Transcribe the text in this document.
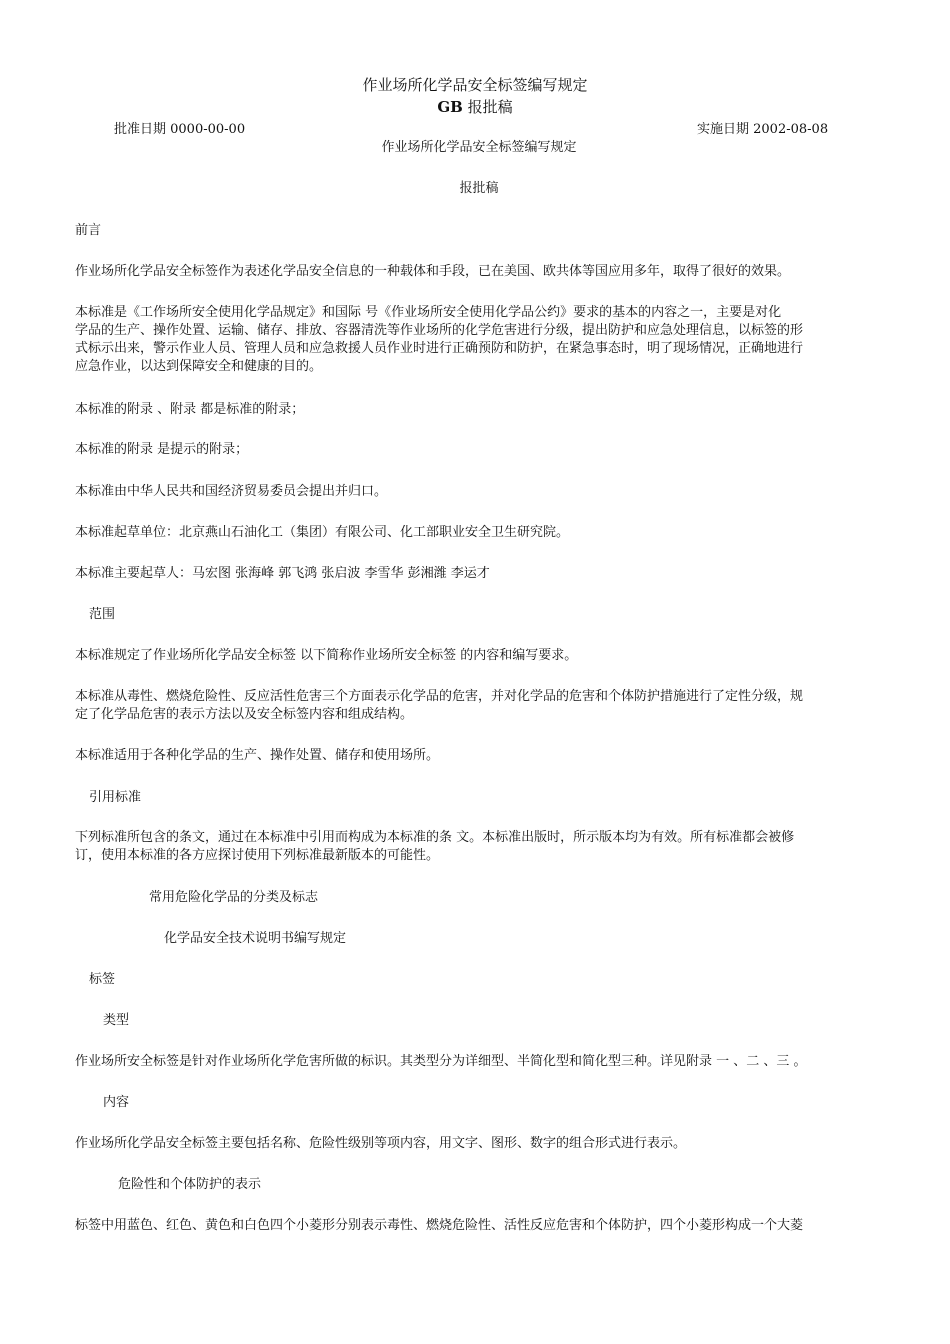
作业场所化学品安全标签编写规定
GB 报批稿
批准日期 0000-00-00	实施日期 2002-08-08
作业场所化学品安全标签编写规定
报批稿
前言
作业场所化学品安全标签作为表述化学品安全信息的一种载体和手段，已在美国、欧共体等国应用多年，取得了很好的效果。
本标准是《工作场所安全使用化学品规定》和国际 号《作业场所安全使用化学品公约》要求的基本的内容之一，主要是对化
学品的生产、操作处置、运输、储存、排放、容器清洗等作业场所的化学危害进行分级，提出防护和应急处理信息，以标签的形
式标示出来，警示作业人员、管理人员和应急救援人员作业时进行正确预防和防护，在紧急事态时，明了现场情况，正确地进行
应急作业，以达到保障安全和健康的目的。
本标准的附录 、附录 都是标准的附录；
本标准的附录 是提示的附录；
本标准由中华人民共和国经济贸易委员会提出并归口。
本标准起草单位：北京燕山石油化工（集团）有限公司、化工部职业安全卫生研究院。
本标准主要起草人：马宏图 张海峰 郭飞鸿 张启波 李雪华 彭湘潍 李运才
范围
本标准规定了作业场所化学品安全标签 以下简称作业场所安全标签 的内容和编写要求。
本标准从毒性、燃烧危险性、反应活性危害三个方面表示化学品的危害，并对化学品的危害和个体防护措施进行了定性分级，规
定了化学品危害的表示方法以及安全标签内容和组成结构。
本标准适用于各种化学品的生产、操作处置、储存和使用场所。
引用标准
下列标准所包含的条文，通过在本标准中引用而构成为本标准的条 文。本标准出版时，所示版本均为有效。所有标准都会被修
订，使用本标准的各方应探讨使用下列标准最新版本的可能性。
常用危险化学品的分类及标志
化学品安全技术说明书编写规定
标签
类型
作业场所安全标签是针对作业场所化学危害所做的标识。其类型分为详细型、半简化型和简化型三种。详见附录 一 、二 、三 。
内容
作业场所化学品安全标签主要包括名称、危险性级别等项内容，用文字、图形、数字的组合形式进行表示。
危险性和个体防护的表示
标签中用蓝色、红色、黄色和白色四个小菱形分别表示毒性、燃烧危险性、活性反应危害和个体防护，四个小菱形构成一个大菱
